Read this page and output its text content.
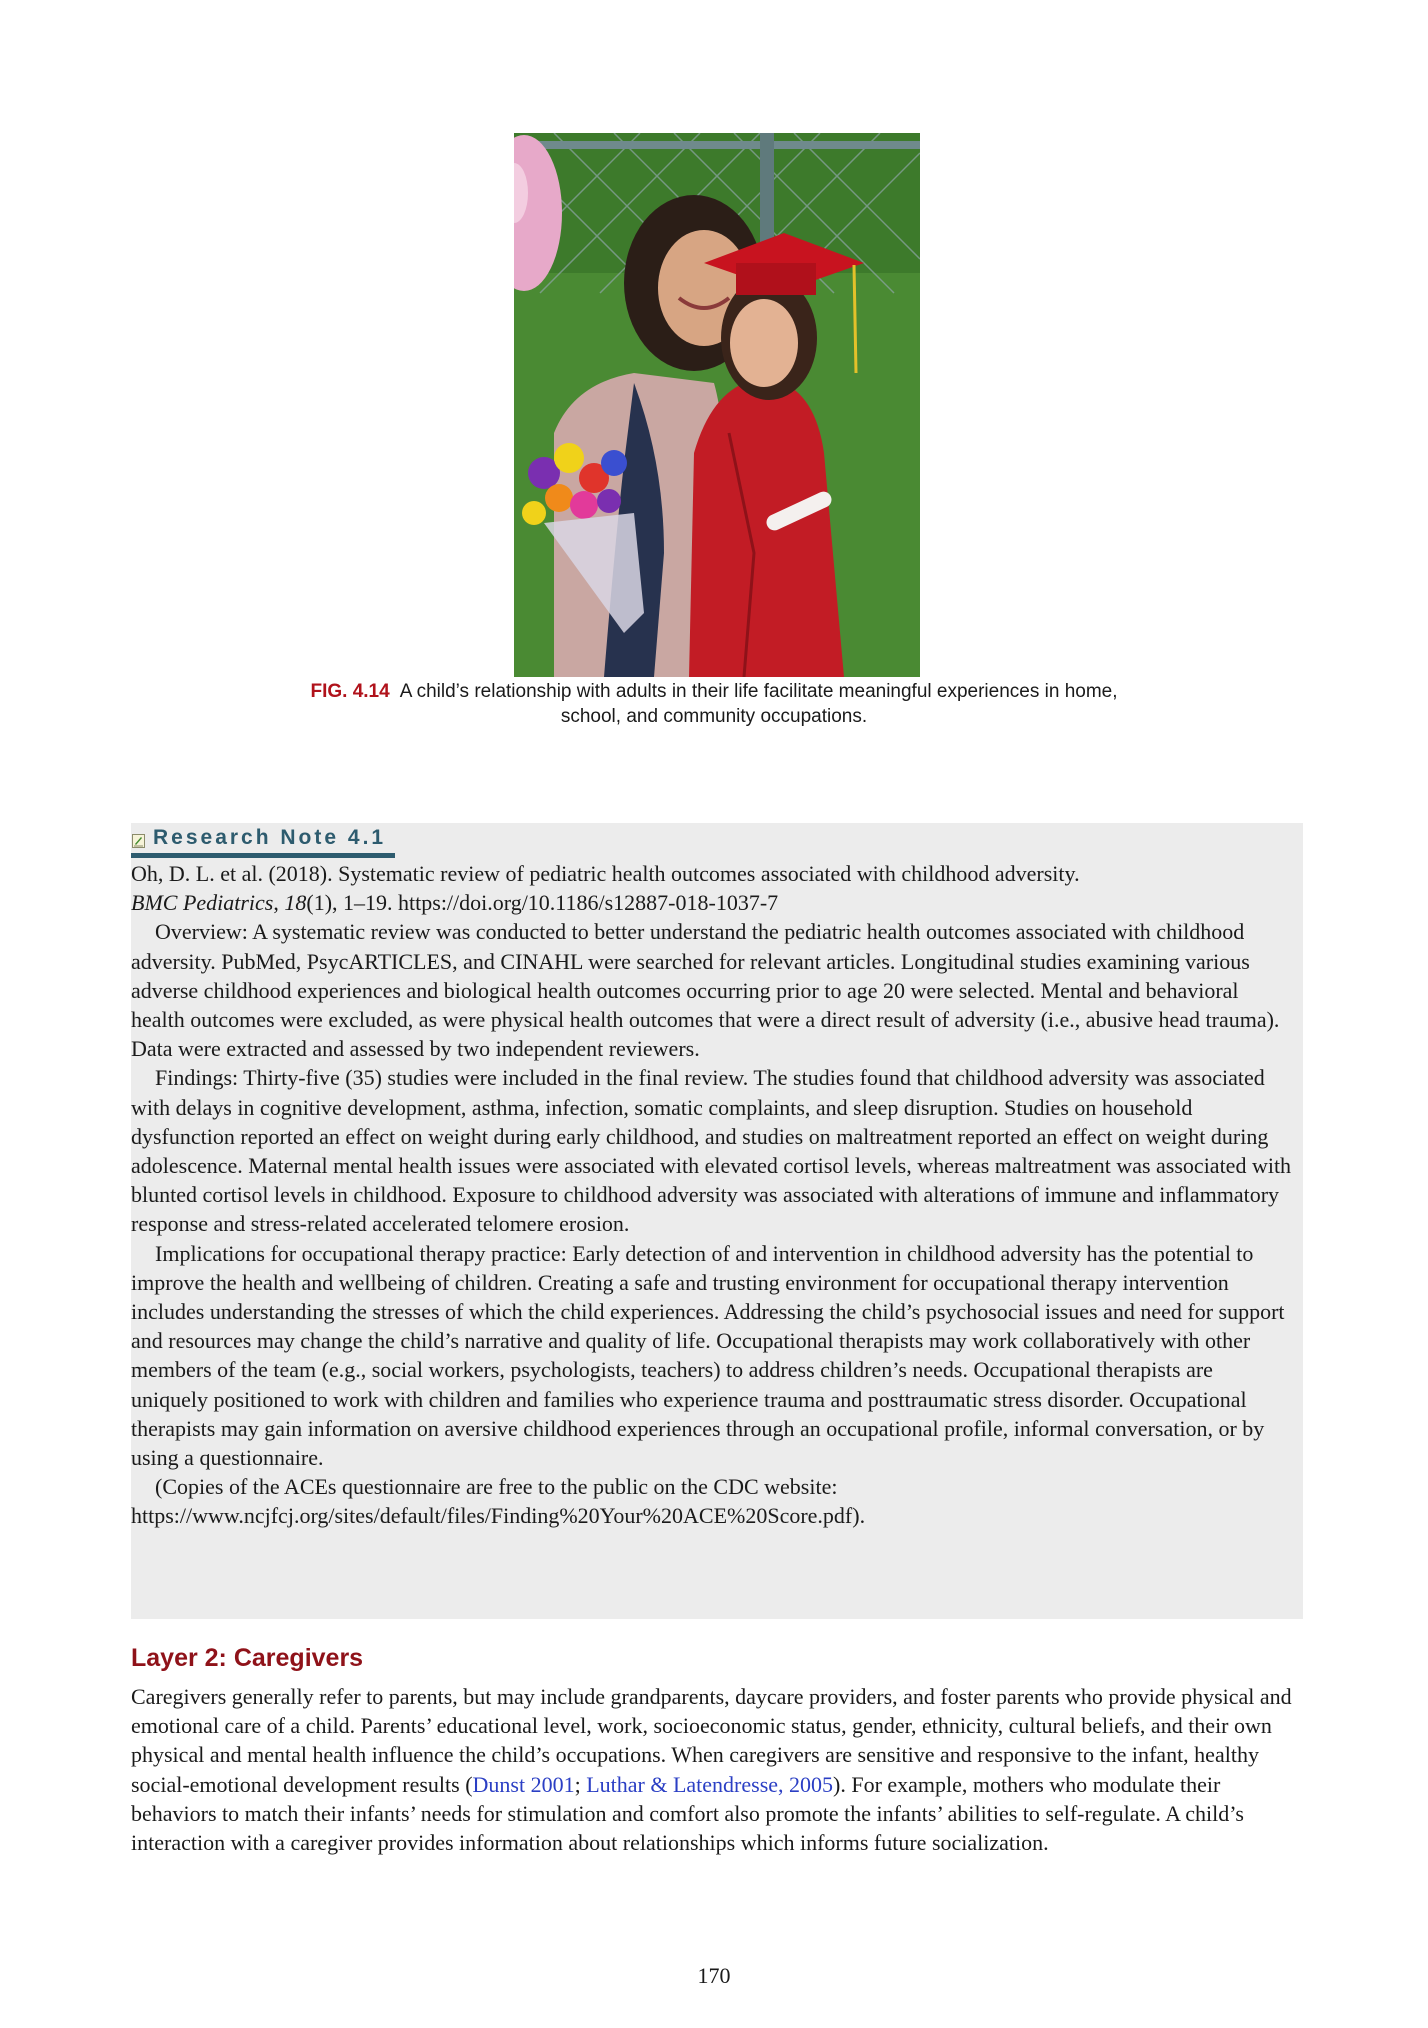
FIG. 4.14 A child’s relationship with adults in their life facilitate meaningful experiences in home,
school, and community occupations.
Research Note 4.1

Oh, D. L. et al. (2018). Systematic review of pediatric health outcomes associated with childhood adversity.
BMC Pediatrics, 18(1), 1–19. https://doi.org/10.1186/s12887-018-1037-7

Overview: A systematic review was conducted to better understand the pediatric health outcomes associated with childhood adversity. PubMed, PsycARTICLES, and CINAHL were searched for relevant articles. Longitudinal studies examining various adverse childhood experiences and biological health outcomes occurring prior to age 20 were selected. Mental and behavioral health outcomes were excluded, as were physical health outcomes that were a direct result of adversity (i.e., abusive head trauma). Data were extracted and assessed by two independent reviewers.

Findings: Thirty-five (35) studies were included in the final review. The studies found that childhood adversity was associated with delays in cognitive development, asthma, infection, somatic complaints, and sleep disruption. Studies on household dysfunction reported an effect on weight during early childhood, and studies on maltreatment reported an effect on weight during adolescence. Maternal mental health issues were associated with elevated cortisol levels, whereas maltreatment was associated with blunted cortisol levels in childhood. Exposure to childhood adversity was associated with alterations of immune and inflammatory response and stress-related accelerated telomere erosion.

Implications for occupational therapy practice: Early detection of and intervention in childhood adversity has the potential to improve the health and wellbeing of children. Creating a safe and trusting environment for occupational therapy intervention includes understanding the stresses of which the child experiences. Addressing the child’s psychosocial issues and need for support and resources may change the child’s narrative and quality of life. Occupational therapists may work collaboratively with other members of the team (e.g., social workers, psychologists, teachers) to address children’s needs. Occupational therapists are uniquely positioned to work with children and families who experience trauma and posttraumatic stress disorder. Occupational therapists may gain information on aversive childhood experiences through an occupational profile, informal conversation, or by using a questionnaire.

(Copies of the ACEs questionnaire are free to the public on the CDC website:
https://www.ncjfcj.org/sites/default/files/Finding%20Your%20ACE%20Score.pdf).

Layer 2: Caregivers

Caregivers generally refer to parents, but may include grandparents, daycare providers, and foster parents who provide physical and emotional care of a child. Parents’ educational level, work, socioeconomic status, gender, ethnicity, cultural beliefs, and their own physical and mental health influence the child’s occupations. When caregivers are sensitive and responsive to the infant, healthy social-emotional development results (Dunst 2001; Luthar & Latendresse, 2005). For example, mothers who modulate their behaviors to match their infants’ needs for stimulation and comfort also promote the infants’ abilities to self-regulate. A child’s interaction with a caregiver provides information about relationships which informs future socialization.

170
